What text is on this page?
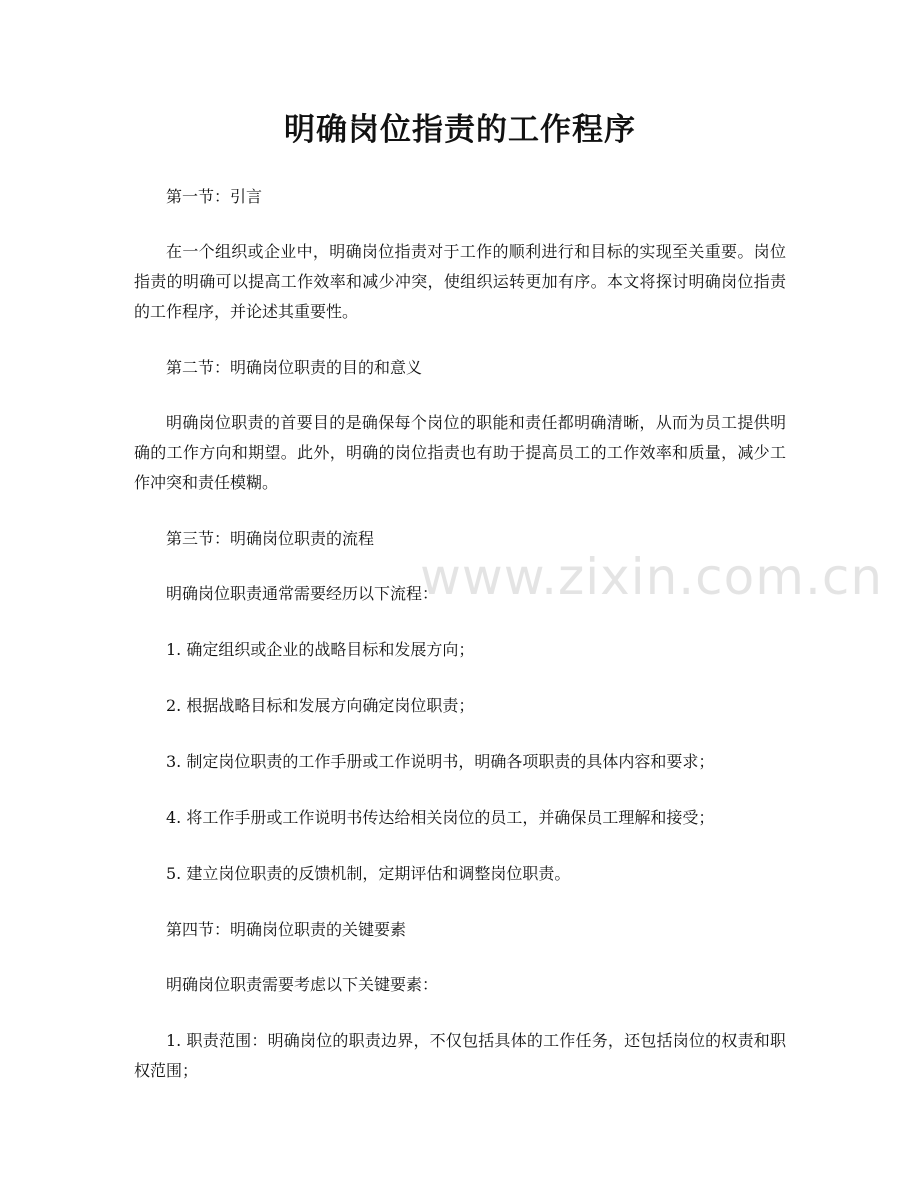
明确岗位指责的工作程序

第一节：引言

在一个组织或企业中，明确岗位指责对于工作的顺利进行和目标的实现至关重要。岗位指责的明确可以提高工作效率和减少冲突，使组织运转更加有序。本文将探讨明确岗位指责的工作程序，并论述其重要性。

第二节：明确岗位职责的目的和意义

明确岗位职责的首要目的是确保每个岗位的职能和责任都明确清晰，从而为员工提供明确的工作方向和期望。此外，明确的岗位指责也有助于提高员工的工作效率和质量，减少工作冲突和责任模糊。

第三节：明确岗位职责的流程

明确岗位职责通常需要经历以下流程：

1. 确定组织或企业的战略目标和发展方向；

2. 根据战略目标和发展方向确定岗位职责；

3. 制定岗位职责的工作手册或工作说明书，明确各项职责的具体内容和要求；

4. 将工作手册或工作说明书传达给相关岗位的员工，并确保员工理解和接受；

5. 建立岗位职责的反馈机制，定期评估和调整岗位职责。

第四节：明确岗位职责的关键要素

明确岗位职责需要考虑以下关键要素：

1. 职责范围：明确岗位的职责边界，不仅包括具体的工作任务，还包括岗位的权责和职权范围；

www.zixin.com.cn
